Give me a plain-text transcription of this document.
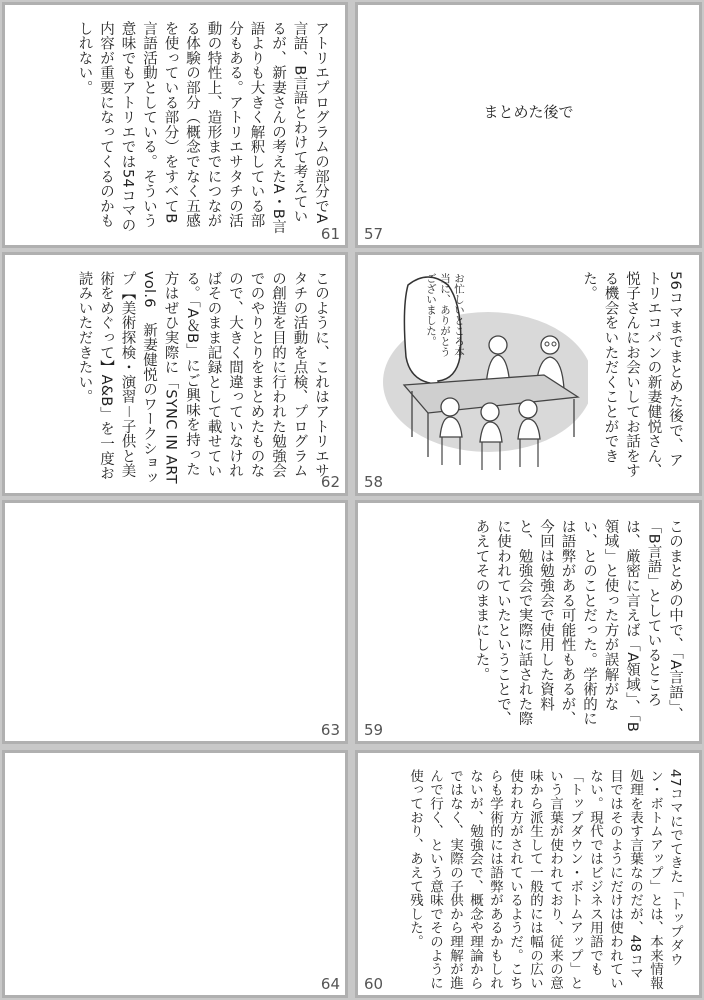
アトリエプログラムの部分でA言語、B言語とわけて考えているが、新妻さんの考えたA・B言語よりも大きく解釈している部分もある。アトリエサタチの活動の特性上、造形までにつながる体験の部分（概念でなく五感を使っている部分）をすべてB言語活動としている。そういう意味でもアトリエでは54コマの内容が重要になってくるのかもしれない。
61
まとめた後で
57
このように、これはアトリエサタチの活動を点検、プログラムの創造を目的に行われた勉強会でのやりとりをまとめたものなので、大きく間違っていなければそのまま記録として載せている。「A＆B」にご興味を持った方はぜひ実際に「SYNC IN ART vol.6　新妻健悦のワークショップ【美術探検・演習－子供と美術をめぐって】A&B」を一度お読みいただきたい。
62
56コマまでまとめた後で、アトリエコパンの新妻健悦さん、悦子さんにお会いしてお話をする機会をいただくことができた。
お忙しいところ本当に、ありがとうございました。
58
63
このまとめの中で、「A言語」、「B言語」としているところは、厳密に言えば「A領域」、「B領域」と使った方が誤解がない、とのことだった。学術的には語弊がある可能性もあるが、今回は勉強会で使用した資料と、勉強会で実際に話された際に使われていたということで、あえてそのままにした。
59
64
47コマにでてきた「トップダウン・ボトムアップ」とは、本来情報処理を表す言葉なのだが、48コマ目ではそのようにだけは使われていない。現代ではビジネス用語でも「トップダウン・ボトムアップ」という言葉が使われており、従来の意味から派生して一般的には幅の広い使われ方がされているようだ。こちらも学術的には語弊があるかもしれないが、勉強会で、概念や理論からではなく、実際の子供から理解が進んで行く、という意味でそのように使っており、あえて残した。
60
